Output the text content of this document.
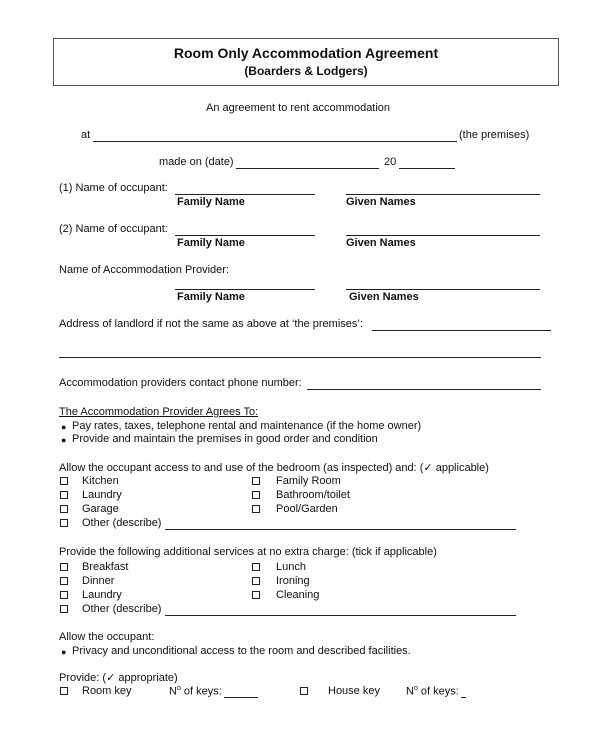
Room Only Accommodation Agreement
(Boarders & Lodgers)
An agreement to rent accommodation
at	(the premises)
made on (date)	20
(1) Name of occupant:
Family Name	Given Names
(2) Name of occupant:
Family Name	Given Names
Name of Accommodation Provider:
Family Name	Given Names
Address of landlord if not the same as above at ‘the premises’:
Accommodation providers contact phone number:
The Accommodation Provider Agrees To:
● Pay rates, taxes, telephone rental and maintenance (if the home owner)
● Provide and maintain the premises in good order and condition
Allow the occupant access to and use of the bedroom (as inspected) and: (✓ applicable)
Kitchen	Family Room
Laundry	Bathroom/toilet
Garage	Pool/Garden
Other (describe)
Provide the following additional services at no extra charge: (tick if applicable)
Breakfast	Lunch
Dinner	Ironing
Laundry	Cleaning
Other (describe)
Allow the occupant:
● Privacy and unconditional access to the room and described facilities.
Provide: (✓ appropriate)
Room key	$N^o$ of keys:	House key $N^o$ of keys:
